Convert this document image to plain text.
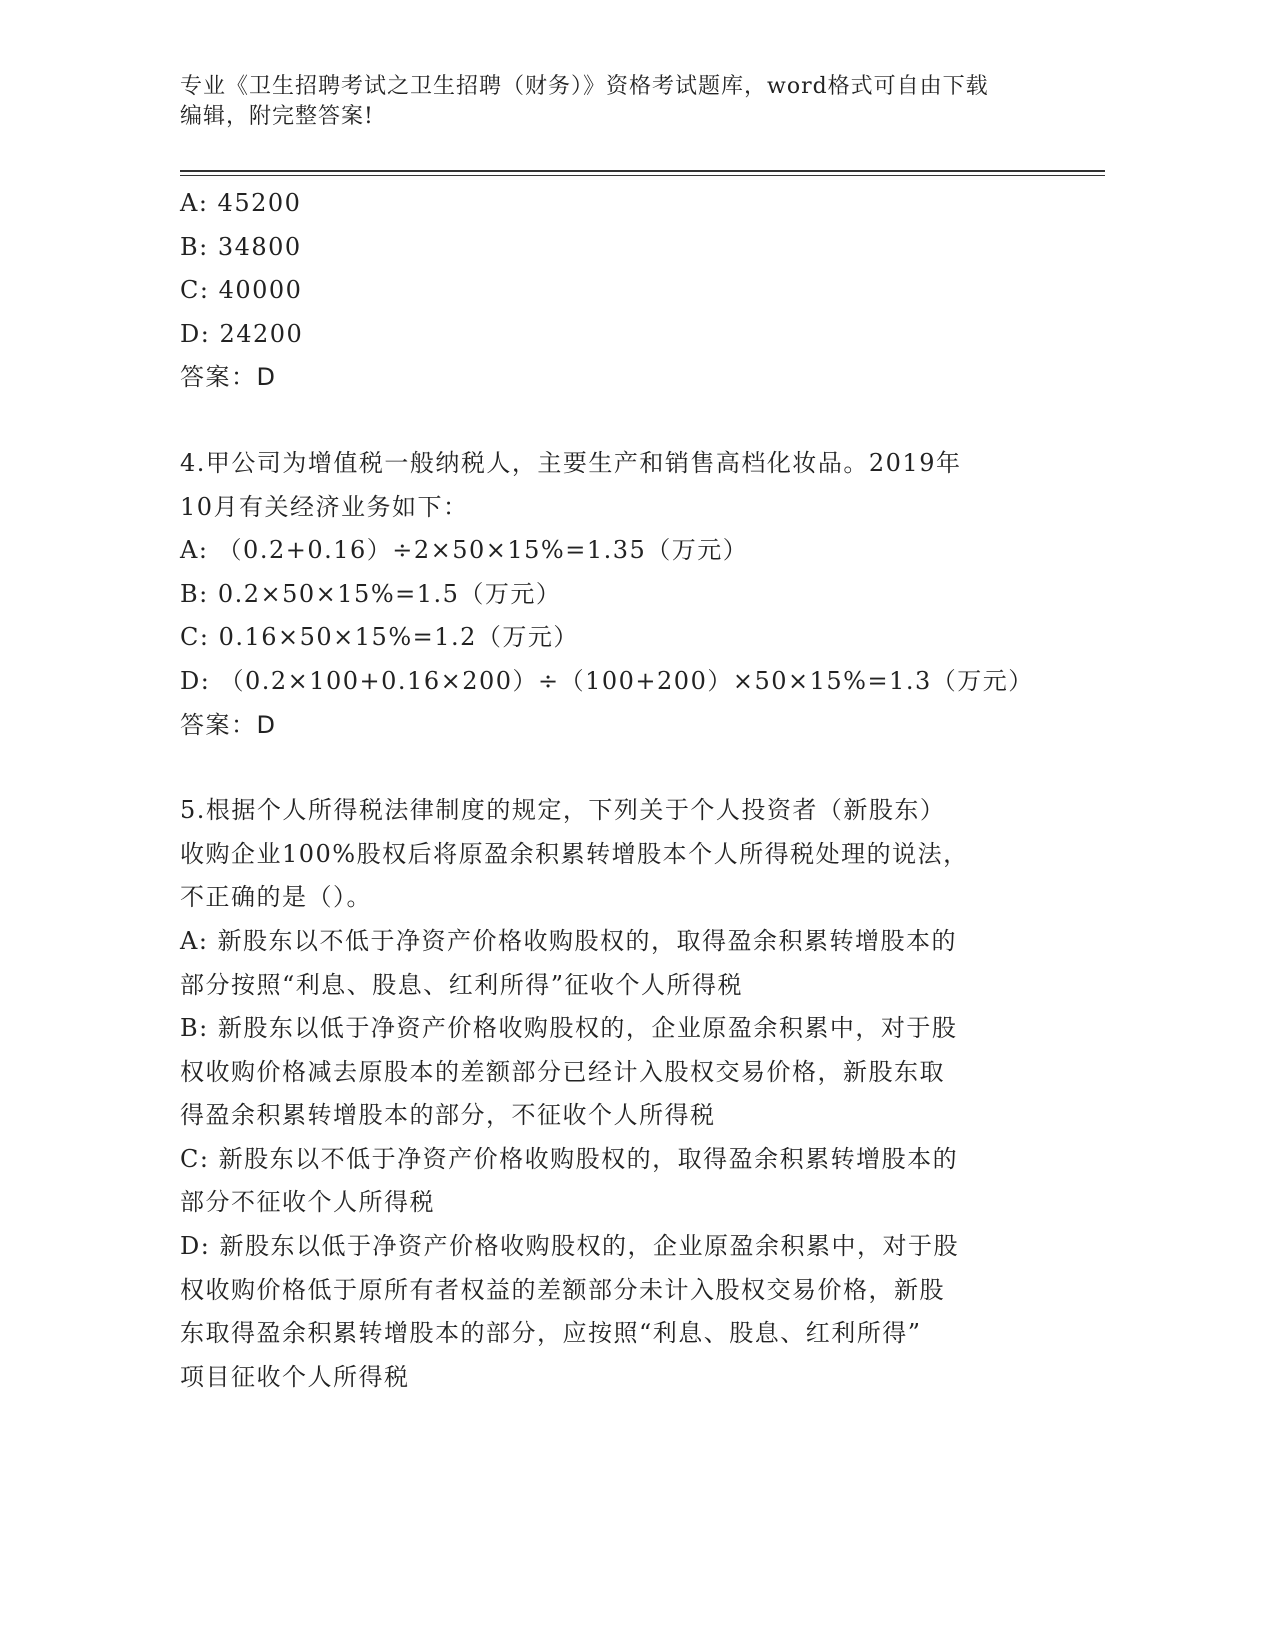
专业《卫生招聘考试之卫生招聘（财务）》资格考试题库，word格式可自由下载
编辑，附完整答案!
A: 45200
B: 34800
C: 40000
D: 24200
答案：D
4.甲公司为增值税一般纳税人，主要生产和销售高档化妆品。2019年
10月有关经济业务如下：
A: （0.2+0.16）÷2×50×15%=1.35（万元）
B: 0.2×50×15%=1.5（万元）
C: 0.16×50×15%=1.2（万元）
D: （0.2×100+0.16×200）÷（100+200）×50×15%=1.3（万元）
答案：D
5.根据个人所得税法律制度的规定，下列关于个人投资者（新股东）
收购企业100%股权后将原盈余积累转增股本个人所得税处理的说法，
不正确的是（）。
A: 新股东以不低于净资产价格收购股权的，取得盈余积累转增股本的
部分按照“利息、股息、红利所得”征收个人所得税
B: 新股东以低于净资产价格收购股权的，企业原盈余积累中，对于股
权收购价格减去原股本的差额部分已经计入股权交易价格，新股东取
得盈余积累转增股本的部分，不征收个人所得税
C: 新股东以不低于净资产价格收购股权的，取得盈余积累转增股本的
部分不征收个人所得税
D: 新股东以低于净资产价格收购股权的，企业原盈余积累中，对于股
权收购价格低于原所有者权益的差额部分未计入股权交易价格，新股
东取得盈余积累转增股本的部分，应按照“利息、股息、红利所得”
项目征收个人所得税
